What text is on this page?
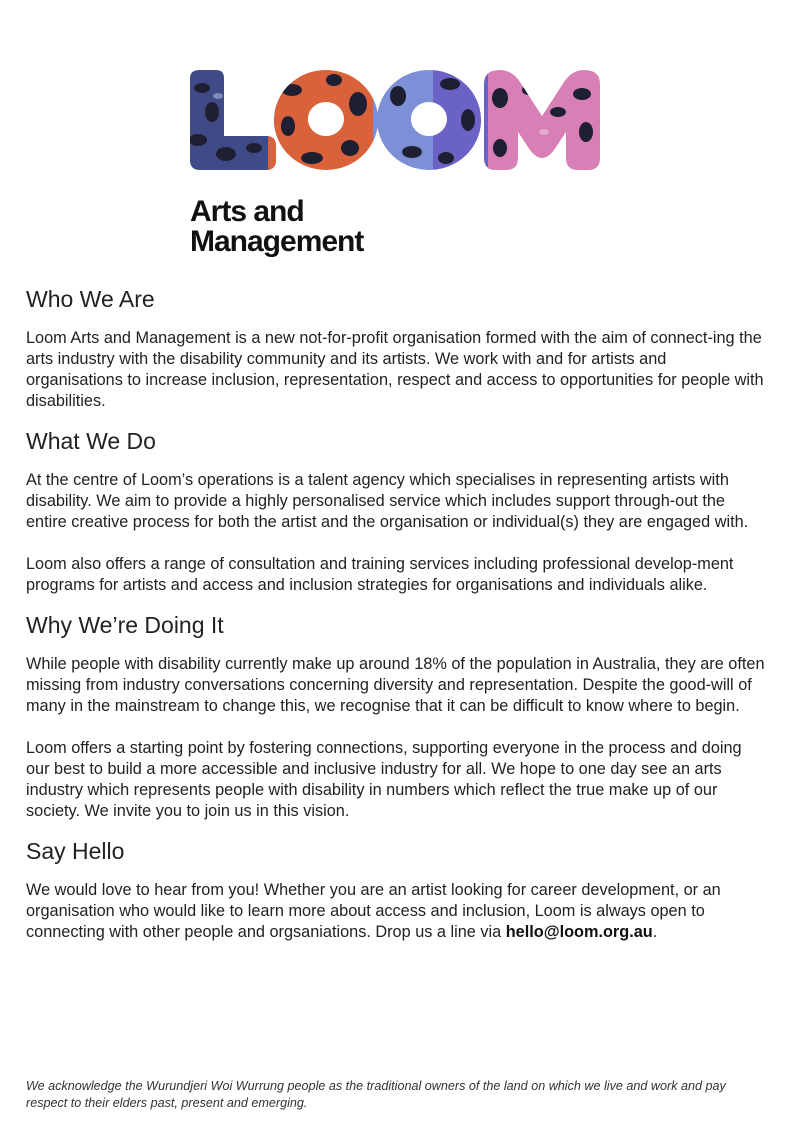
Arts and
Management
Who We Are

Loom Arts and Management is a new not-for-profit organisation formed with the aim of connect-ing the arts industry with the disability community and its artists. We work with and for artists and organisations to increase inclusion, representation, respect and access to opportunities for people with disabilities.

What We Do

At the centre of Loom’s operations is a talent agency which specialises in representing artists with disability. We aim to provide a highly personalised service which includes support through-out the entire creative process for both the artist and the organisation or individual(s) they are engaged with.

Loom also offers a range of consultation and training services including professional develop-ment programs for artists and access and inclusion strategies for organisations and individuals alike.

Why We’re Doing It

While people with disability currently make up around 18% of the population in Australia, they are often missing from industry conversations concerning diversity and representation. Despite the good-will of many in the mainstream to change this, we recognise that it can be difficult to know where to begin.

Loom offers a starting point by fostering connections, supporting everyone in the process and doing our best to build a more accessible and inclusive industry for all. We hope to one day see an arts industry which represents people with disability in numbers which reflect the true make up of our society. We invite you to join us in this vision.

Say Hello

We would love to hear from you! Whether you are an artist looking for career development, or an organisation who would like to learn more about access and inclusion, Loom is always open to connecting with other people and orgsaniations. Drop us a line via hello@loom.org.au.

We acknowledge the Wurundjeri Woi Wurrung people as the traditional owners of the land on which we live and work and pay respect to their elders past, present and emerging.
